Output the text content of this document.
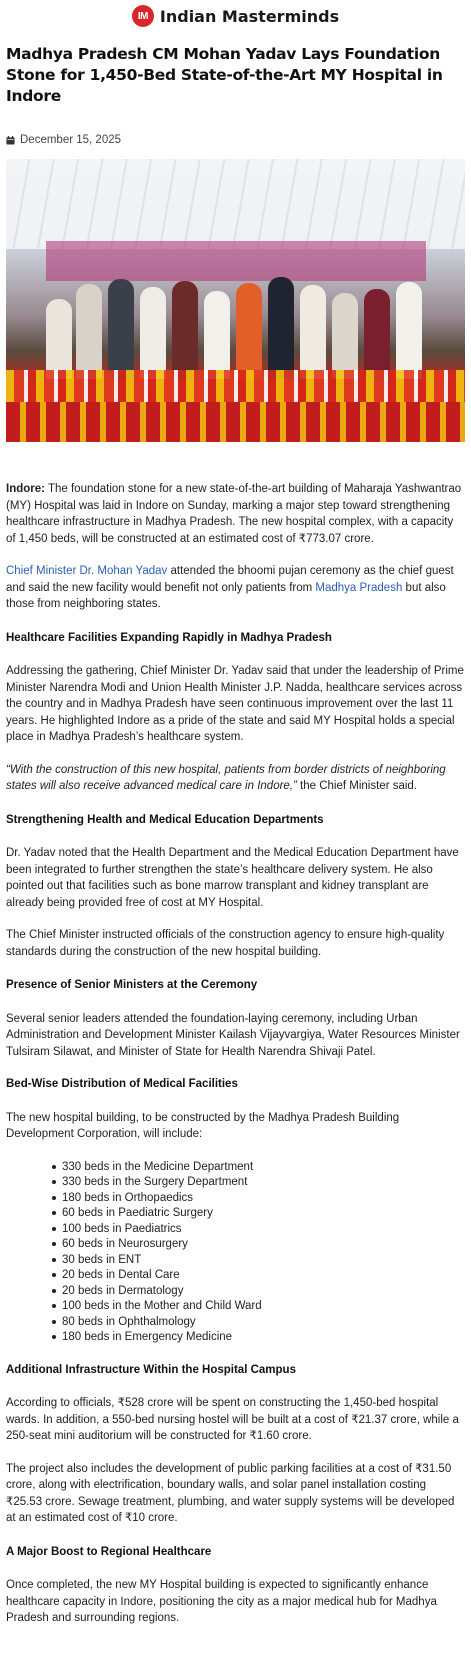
IM Indian Masterminds
Madhya Pradesh CM Mohan Yadav Lays Foundation Stone for 1,450-Bed State-of-the-Art MY Hospital in Indore
December 15, 2025

Indore: The foundation stone for a new state-of-the-art building of Maharaja Yashwantrao (MY) Hospital was laid in Indore on Sunday, marking a major step toward strengthening healthcare infrastructure in Madhya Pradesh. The new hospital complex, with a capacity of 1,450 beds, will be constructed at an estimated cost of ₹773.07 crore.

Chief Minister Dr. Mohan Yadav attended the bhoomi pujan ceremony as the chief guest and said the new facility would benefit not only patients from Madhya Pradesh but also those from neighboring states.

Healthcare Facilities Expanding Rapidly in Madhya Pradesh

Addressing the gathering, Chief Minister Dr. Yadav said that under the leadership of Prime Minister Narendra Modi and Union Health Minister J.P. Nadda, healthcare services across the country and in Madhya Pradesh have seen continuous improvement over the last 11 years. He highlighted Indore as a pride of the state and said MY Hospital holds a special place in Madhya Pradesh’s healthcare system.

“With the construction of this new hospital, patients from border districts of neighboring states will also receive advanced medical care in Indore,” the Chief Minister said.

Strengthening Health and Medical Education Departments

Dr. Yadav noted that the Health Department and the Medical Education Department have been integrated to further strengthen the state’s healthcare delivery system. He also pointed out that facilities such as bone marrow transplant and kidney transplant are already being provided free of cost at MY Hospital.

The Chief Minister instructed officials of the construction agency to ensure high-quality standards during the construction of the new hospital building.

Presence of Senior Ministers at the Ceremony

Several senior leaders attended the foundation-laying ceremony, including Urban Administration and Development Minister Kailash Vijayvargiya, Water Resources Minister Tulsiram Silawat, and Minister of State for Health Narendra Shivaji Patel.

Bed-Wise Distribution of Medical Facilities

The new hospital building, to be constructed by the Madhya Pradesh Building Development Corporation, will include:

330 beds in the Medicine Department
330 beds in the Surgery Department
180 beds in Orthopaedics
60 beds in Paediatric Surgery
100 beds in Paediatrics
60 beds in Neurosurgery
30 beds in ENT
20 beds in Dental Care
20 beds in Dermatology
100 beds in the Mother and Child Ward
80 beds in Ophthalmology
180 beds in Emergency Medicine
Additional Infrastructure Within the Hospital Campus

According to officials, ₹528 crore will be spent on constructing the 1,450-bed hospital wards. In addition, a 550-bed nursing hostel will be built at a cost of ₹21.37 crore, while a 250-seat mini auditorium will be constructed for ₹1.60 crore.

The project also includes the development of public parking facilities at a cost of ₹31.50 crore, along with electrification, boundary walls, and solar panel installation costing ₹25.53 crore. Sewage treatment, plumbing, and water supply systems will be developed at an estimated cost of ₹10 crore.

A Major Boost to Regional Healthcare

Once completed, the new MY Hospital building is expected to significantly enhance healthcare capacity in Indore, positioning the city as a major medical hub for Madhya Pradesh and surrounding regions.
